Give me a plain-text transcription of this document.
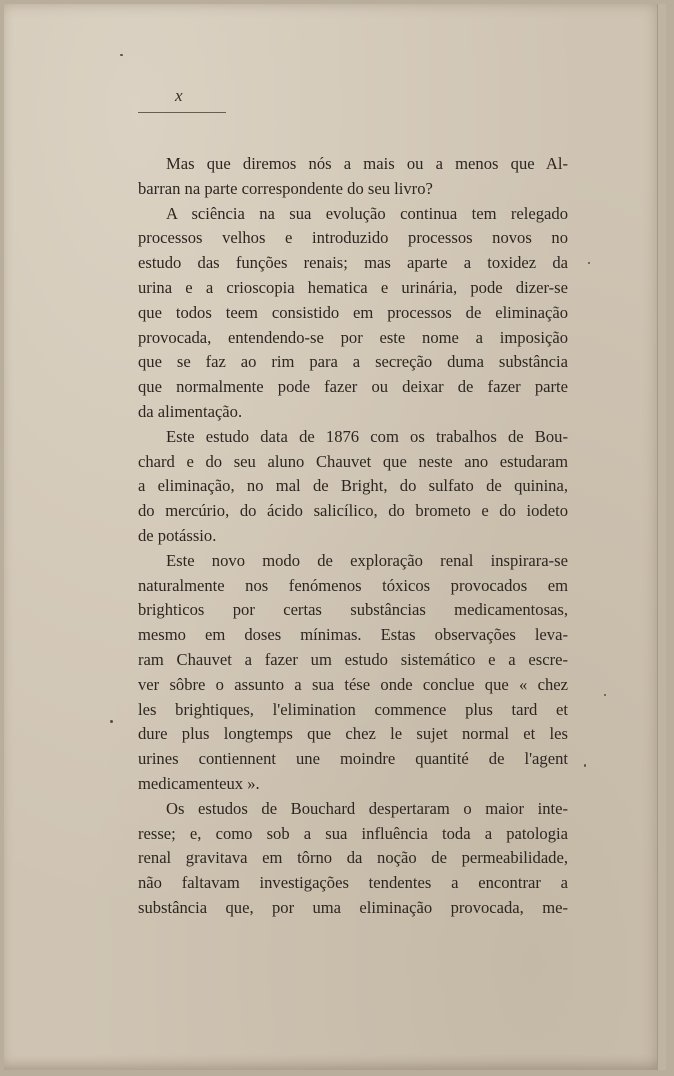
x
Mas que diremos nós a mais ou a menos que Al-
barran na parte correspondente do seu livro?
A sciência na sua evolução continua tem relegado
processos velhos e introduzido processos novos no
estudo das funções renais; mas aparte a toxidez da
urina e a crioscopia hematica e urinária, pode dizer-se
que todos teem consistido em processos de eliminação
provocada, entendendo-se por este nome a imposição
que se faz ao rim para a secreção duma substância
que normalmente pode fazer ou deixar de fazer parte
da alimentação.
Este estudo data de 1876 com os trabalhos de Bou-
chard e do seu aluno Chauvet que neste ano estudaram
a eliminação, no mal de Bright, do sulfato de quinina,
do mercúrio, do ácido salicílico, do brometo e do iodeto
de potássio.
Este novo modo de exploração renal inspirara-se
naturalmente nos fenómenos tóxicos provocados em
brighticos por certas substâncias medicamentosas,
mesmo em doses mínimas. Estas observações leva-
ram Chauvet a fazer um estudo sistemático e a escre-
ver sôbre o assunto a sua tése onde conclue que « chez
les brightiques, l'elimination commence plus tard et
dure plus longtemps que chez le sujet normal et les
urines contiennent une moindre quantité de l'agent
medicamenteux ».
Os estudos de Bouchard despertaram o maior inte-
resse; e, como sob a sua influência toda a patologia
renal gravitava em tôrno da noção de permeabilidade,
não faltavam investigações tendentes a encontrar a
substância que, por uma eliminação provocada, me-
